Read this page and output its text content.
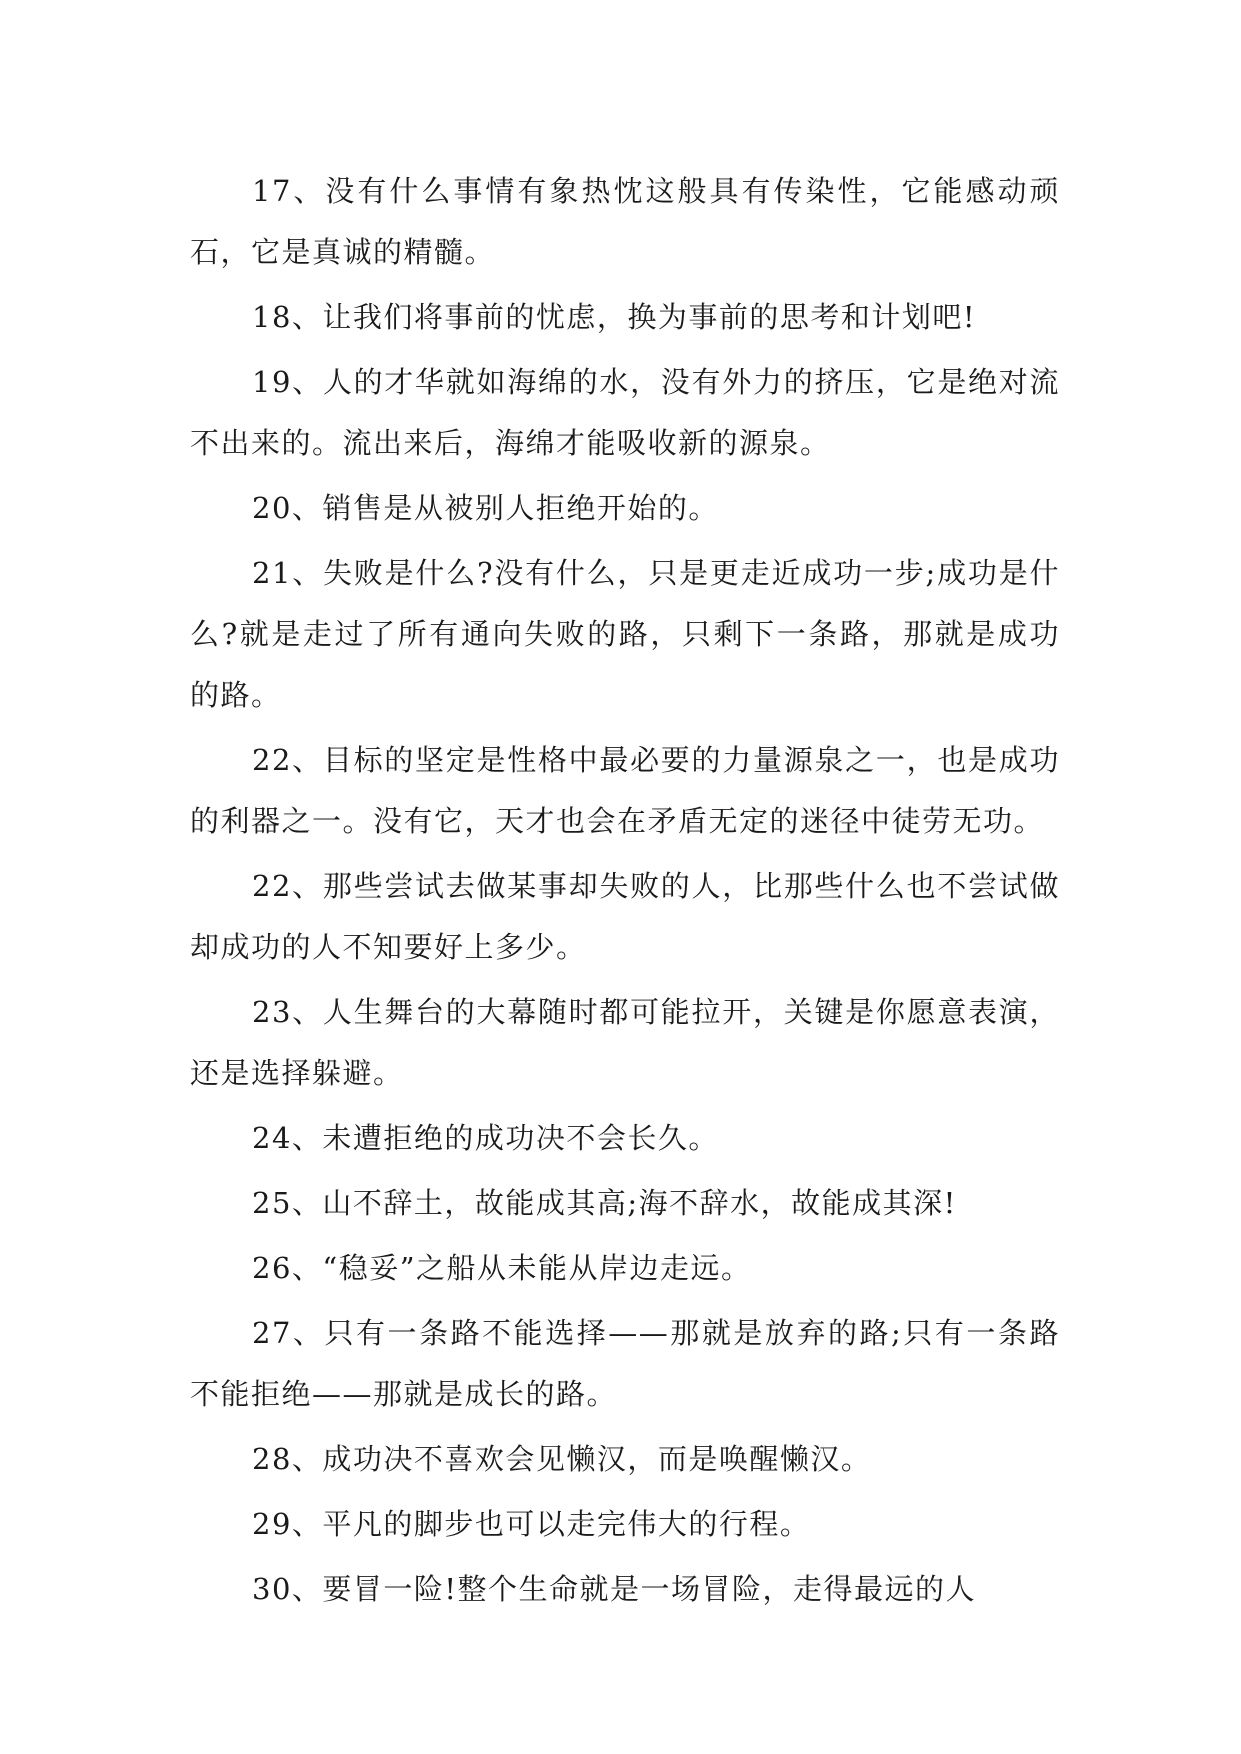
17、没有什么事情有象热忱这般具有传染性，它能感动顽石，它是真诚的精髓。

18、让我们将事前的忧虑，换为事前的思考和计划吧!

19、人的才华就如海绵的水，没有外力的挤压，它是绝对流不出来的。流出来后，海绵才能吸收新的源泉。

20、销售是从被别人拒绝开始的。

21、失败是什么?没有什么，只是更走近成功一步;成功是什么?就是走过了所有通向失败的路，只剩下一条路，那就是成功的路。

22、目标的坚定是性格中最必要的力量源泉之一，也是成功的利器之一。没有它，天才也会在矛盾无定的迷径中徒劳无功。

22、那些尝试去做某事却失败的人，比那些什么也不尝试做却成功的人不知要好上多少。

23、人生舞台的大幕随时都可能拉开，关键是你愿意表演，还是选择躲避。

24、未遭拒绝的成功决不会长久。

25、山不辞土，故能成其高;海不辞水，故能成其深!

26、“稳妥”之船从未能从岸边走远。

27、只有一条路不能选择——那就是放弃的路;只有一条路不能拒绝——那就是成长的路。

28、成功决不喜欢会见懒汉，而是唤醒懒汉。

29、平凡的脚步也可以走完伟大的行程。

30、要冒一险!整个生命就是一场冒险，走得最远的人
